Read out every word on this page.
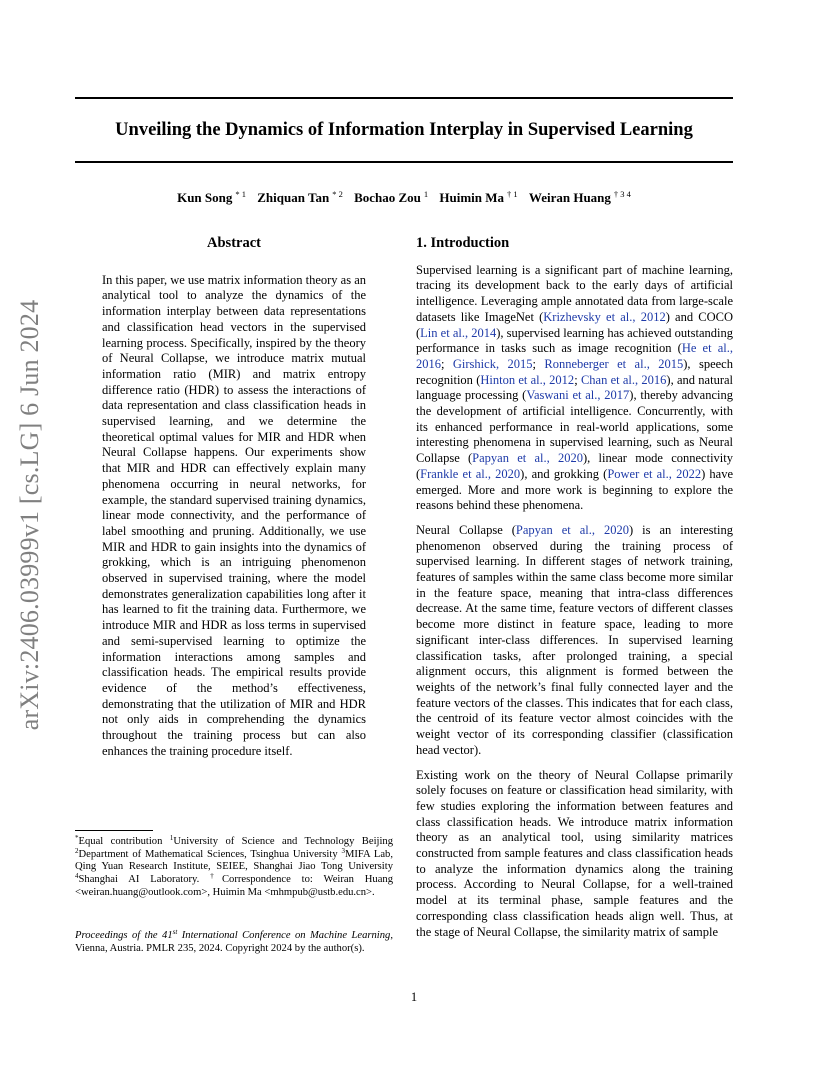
arXiv:2406.03999v1 [cs.LG] 6 Jun 2024
Unveiling the Dynamics of Information Interplay in Supervised Learning
Kun Song $^{* 1}$ Zhiquan Tan $^{* 2}$ Bochao Zou $^1$ Huimin Ma $^{\dagger 1}$ Weiran Huang $^{\dagger 3 4}$
Abstract

In this paper, we use matrix information theory as an analytical tool to analyze the dynamics of the information interplay between data representations and classification head vectors in the supervised learning process. Specifically, inspired by the theory of Neural Collapse, we introduce matrix mutual information ratio (MIR) and matrix entropy difference ratio (HDR) to assess the interactions of data representation and class classification heads in supervised learning, and we determine the theoretical optimal values for MIR and HDR when Neural Collapse happens. Our experiments show that MIR and HDR can effectively explain many phenomena occurring in neural networks, for example, the standard supervised training dynamics, linear mode connectivity, and the performance of label smoothing and pruning. Additionally, we use MIR and HDR to gain insights into the dynamics of grokking, which is an intriguing phenomenon observed in supervised training, where the model demonstrates generalization capabilities long after it has learned to fit the training data. Furthermore, we introduce MIR and HDR as loss terms in supervised and semi-supervised learning to optimize the information interactions among samples and classification heads. The empirical results provide evidence of the method’s effectiveness, demonstrating that the utilization of MIR and HDR not only aids in comprehending the dynamics throughout the training process but can also enhances the training procedure itself.

1. Introduction

Supervised learning is a significant part of machine learning, tracing its development back to the early days of artificial intelligence. Leveraging ample annotated data from large-scale datasets like ImageNet (Krizhevsky et al., 2012) and COCO (Lin et al., 2014), supervised learning has achieved outstanding performance in tasks such as image recognition (He et al., 2016; Girshick, 2015; Ronneberger et al., 2015), speech recognition (Hinton et al., 2012; Chan et al., 2016), and natural language processing (Vaswani et al., 2017), thereby advancing the development of artificial intelligence. Concurrently, with its enhanced performance in real-world applications, some interesting phenomena in supervised learning, such as Neural Collapse (Papyan et al., 2020), linear mode connectivity (Frankle et al., 2020), and grokking (Power et al., 2022) have emerged. More and more work is beginning to explore the reasons behind these phenomena.

Neural Collapse (Papyan et al., 2020) is an interesting phenomenon observed during the training process of supervised learning. In different stages of network training, features of samples within the same class become more similar in the feature space, meaning that intra-class differences decrease. At the same time, feature vectors of different classes become more distinct in feature space, leading to more significant inter-class differences. In supervised learning classification tasks, after prolonged training, a special alignment occurs, this alignment is formed between the weights of the network’s final fully connected layer and the feature vectors of the classes. This indicates that for each class, the centroid of its feature vector almost coincides with the weight vector of its corresponding classifier (classification head vector).

Existing work on the theory of Neural Collapse primarily solely focuses on feature or classification head similarity, with few studies exploring the information between features and class classification heads. We introduce matrix information theory as an analytical tool, using similarity matrices constructed from sample features and class classification heads to analyze the information dynamics along the training process. According to Neural Collapse, for a well-trained model at its terminal phase, sample features and the corresponding class classification heads align well. Thus, at the stage of Neural Collapse, the similarity matrix of sample

*Equal contribution $^1$University of Science and Technology Beijing $^2$Department of Mathematical Sciences, Tsinghua University $^3$MIFA Lab, Qing Yuan Research Institute, SEIEE, Shanghai Jiao Tong University $^4$Shanghai AI Laboratory. †Correspondence to: Weiran Huang <weiran.huang@outlook.com>, Huimin Ma <mhmpub@ustb.edu.cn>.
Proceedings of the 41st International Conference on Machine Learning, Vienna, Austria. PMLR 235, 2024. Copyright 2024 by the author(s).
1
